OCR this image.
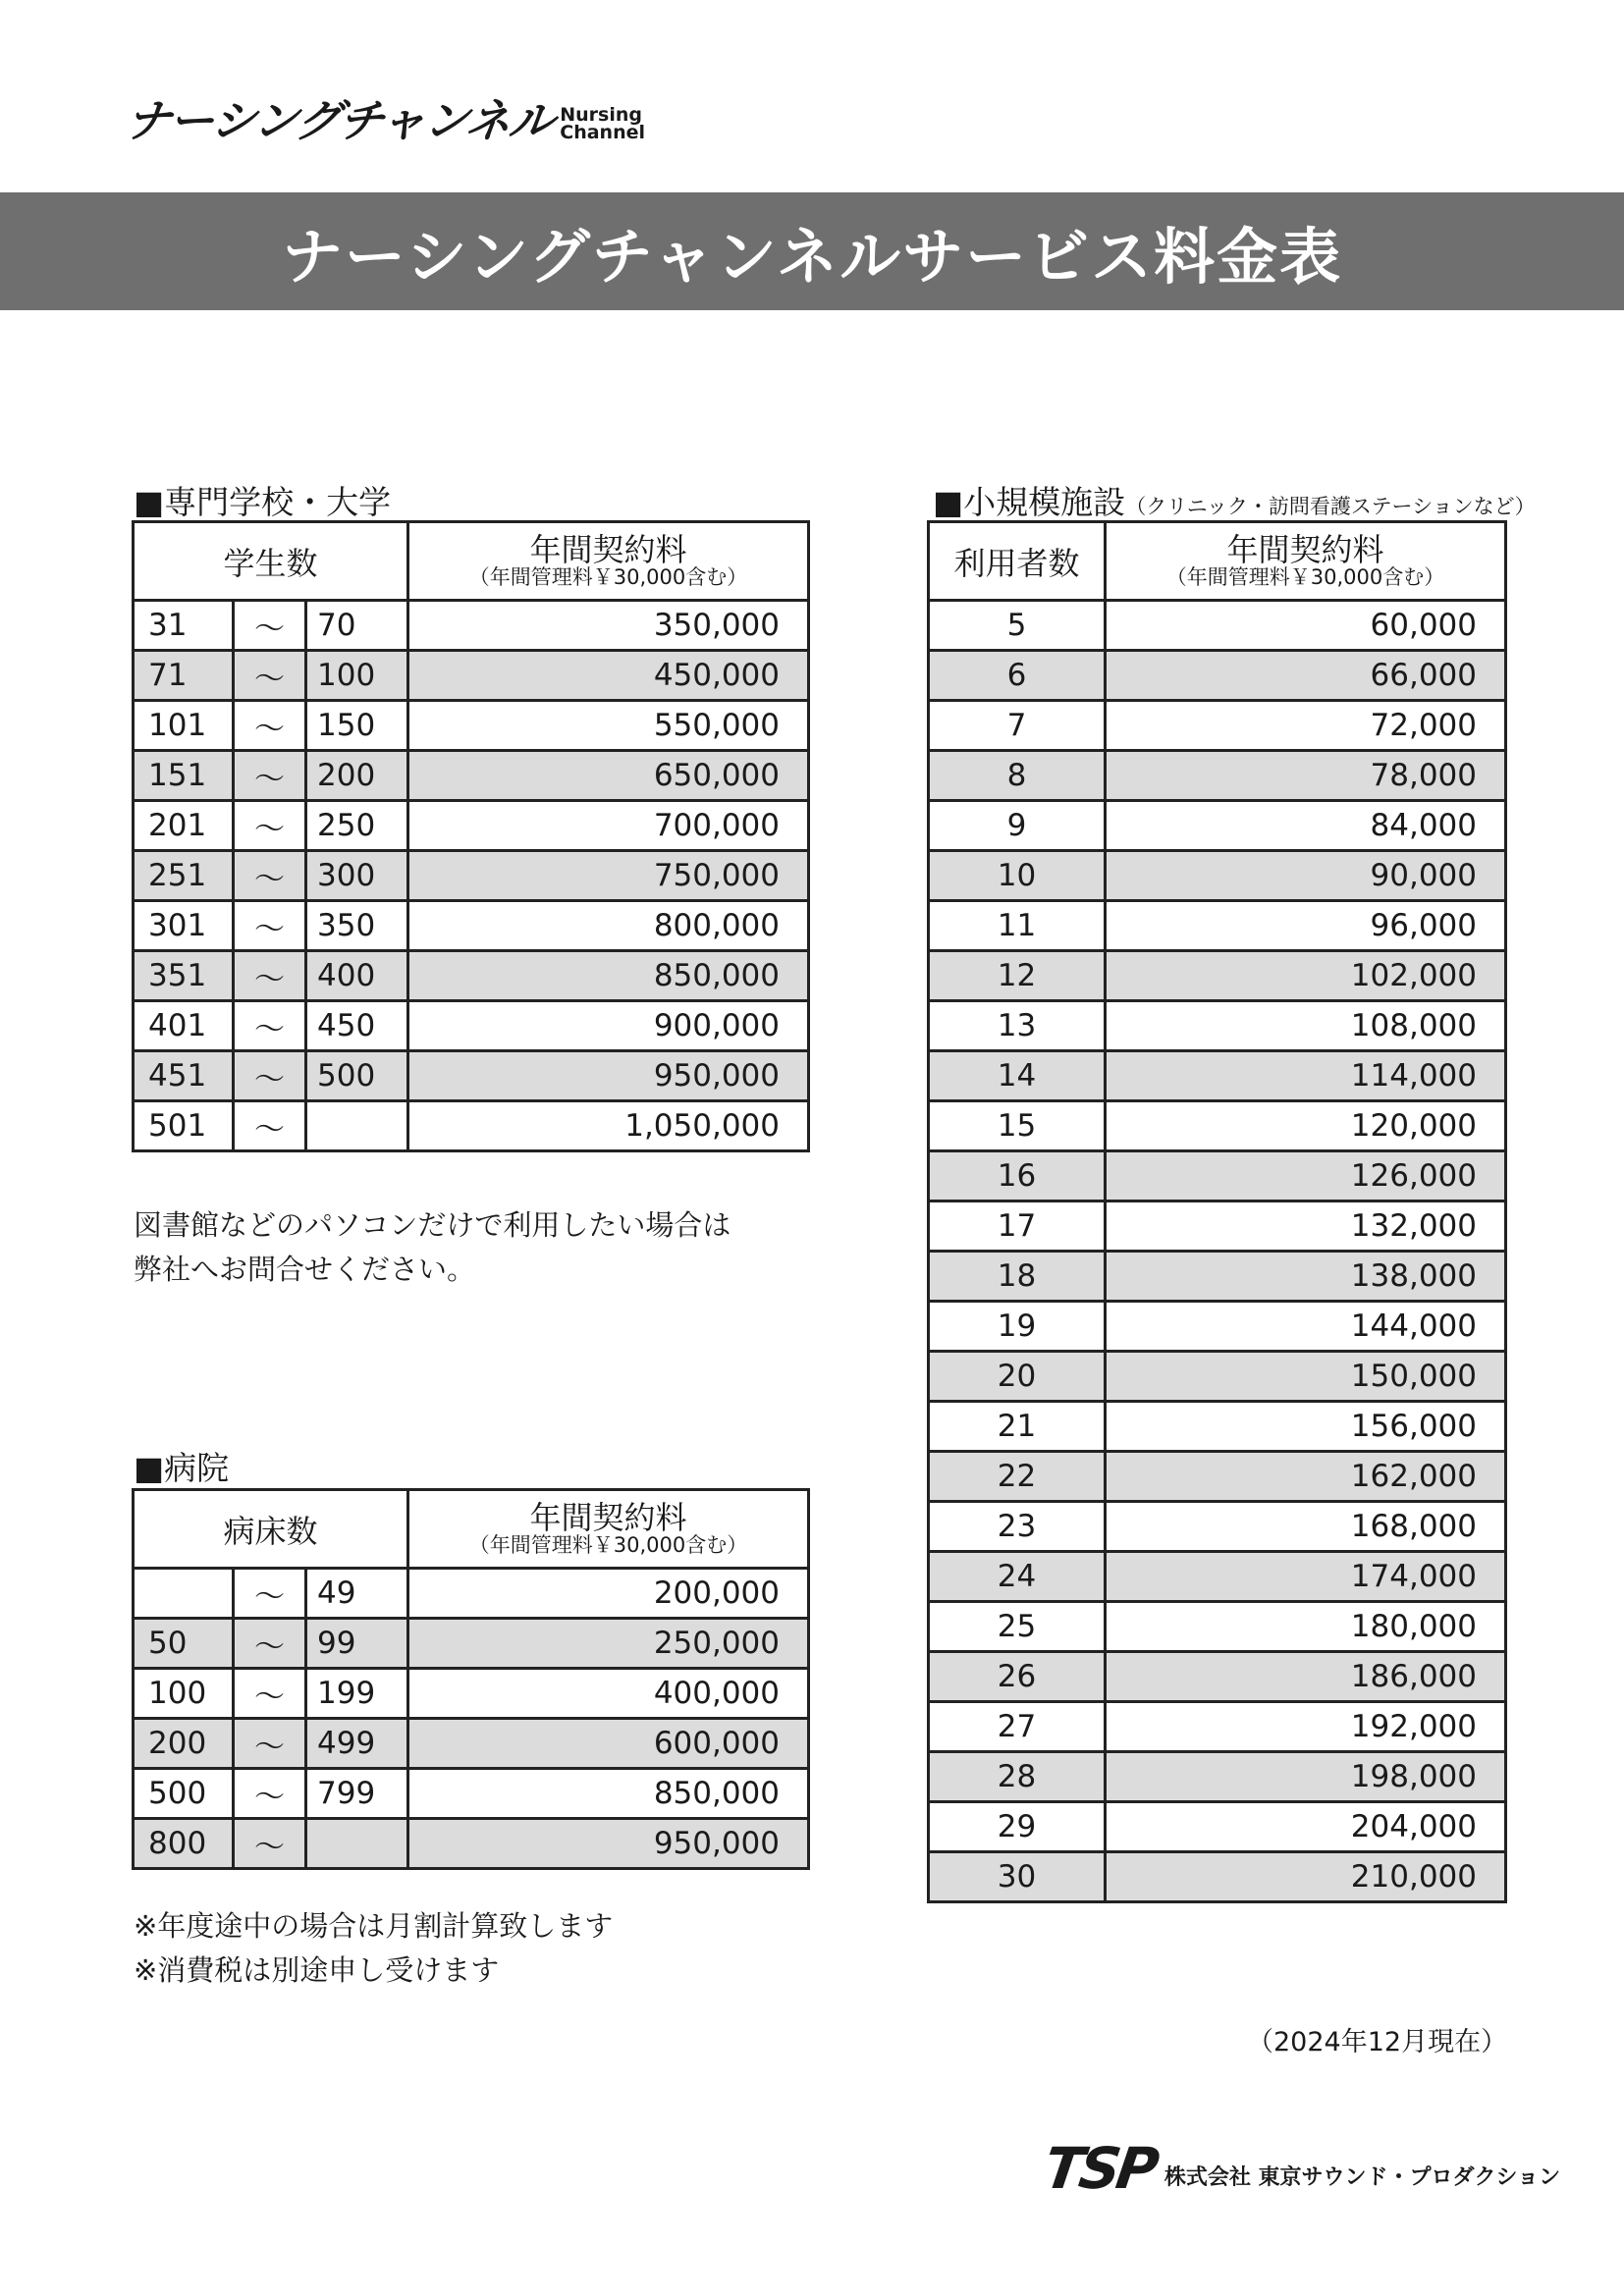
ナーシングチャンネル Nursing
Channel
ナーシングチャンネルサービス料金表
■専門学校・大学
学生数			年間契約料
（年間管理料￥30,000含む）

31	～	70	350,000
71	～	100	450,000
101	～	150	550,000
151	～	200	650,000
201	～	250	700,000
251	～	300	750,000
301	～	350	800,000
351	～	400	850,000
401	～	450	900,000
451	～	500	950,000
501	～		1,050,000
図書館などのパソコンだけで利用したい場合は
弊社へお問合せください。
■病院
病床数			年間契約料
（年間管理料￥30,000含む）

	～	49	200,000
50	～	99	250,000
100	～	199	400,000
200	～	499	600,000
500	～	799	850,000
800	～		950,000
※年度途中の場合は月割計算致します
※消費税は別途申し受けます
■小規模施設（クリニック・訪問看護ステーションなど）
利用者数	年間契約料
（年間管理料￥30,000含む）

5	60,000
6	66,000
7	72,000
8	78,000
9	84,000
10	90,000
11	96,000
12	102,000
13	108,000
14	114,000
15	120,000
16	126,000
17	132,000
18	138,000
19	144,000
20	150,000
21	156,000
22	162,000
23	168,000
24	174,000
25	180,000
26	186,000
27	192,000
28	198,000
29	204,000
30	210,000
（2024年12月現在）
TSP 株式会社 東京サウンド・プロダクション
